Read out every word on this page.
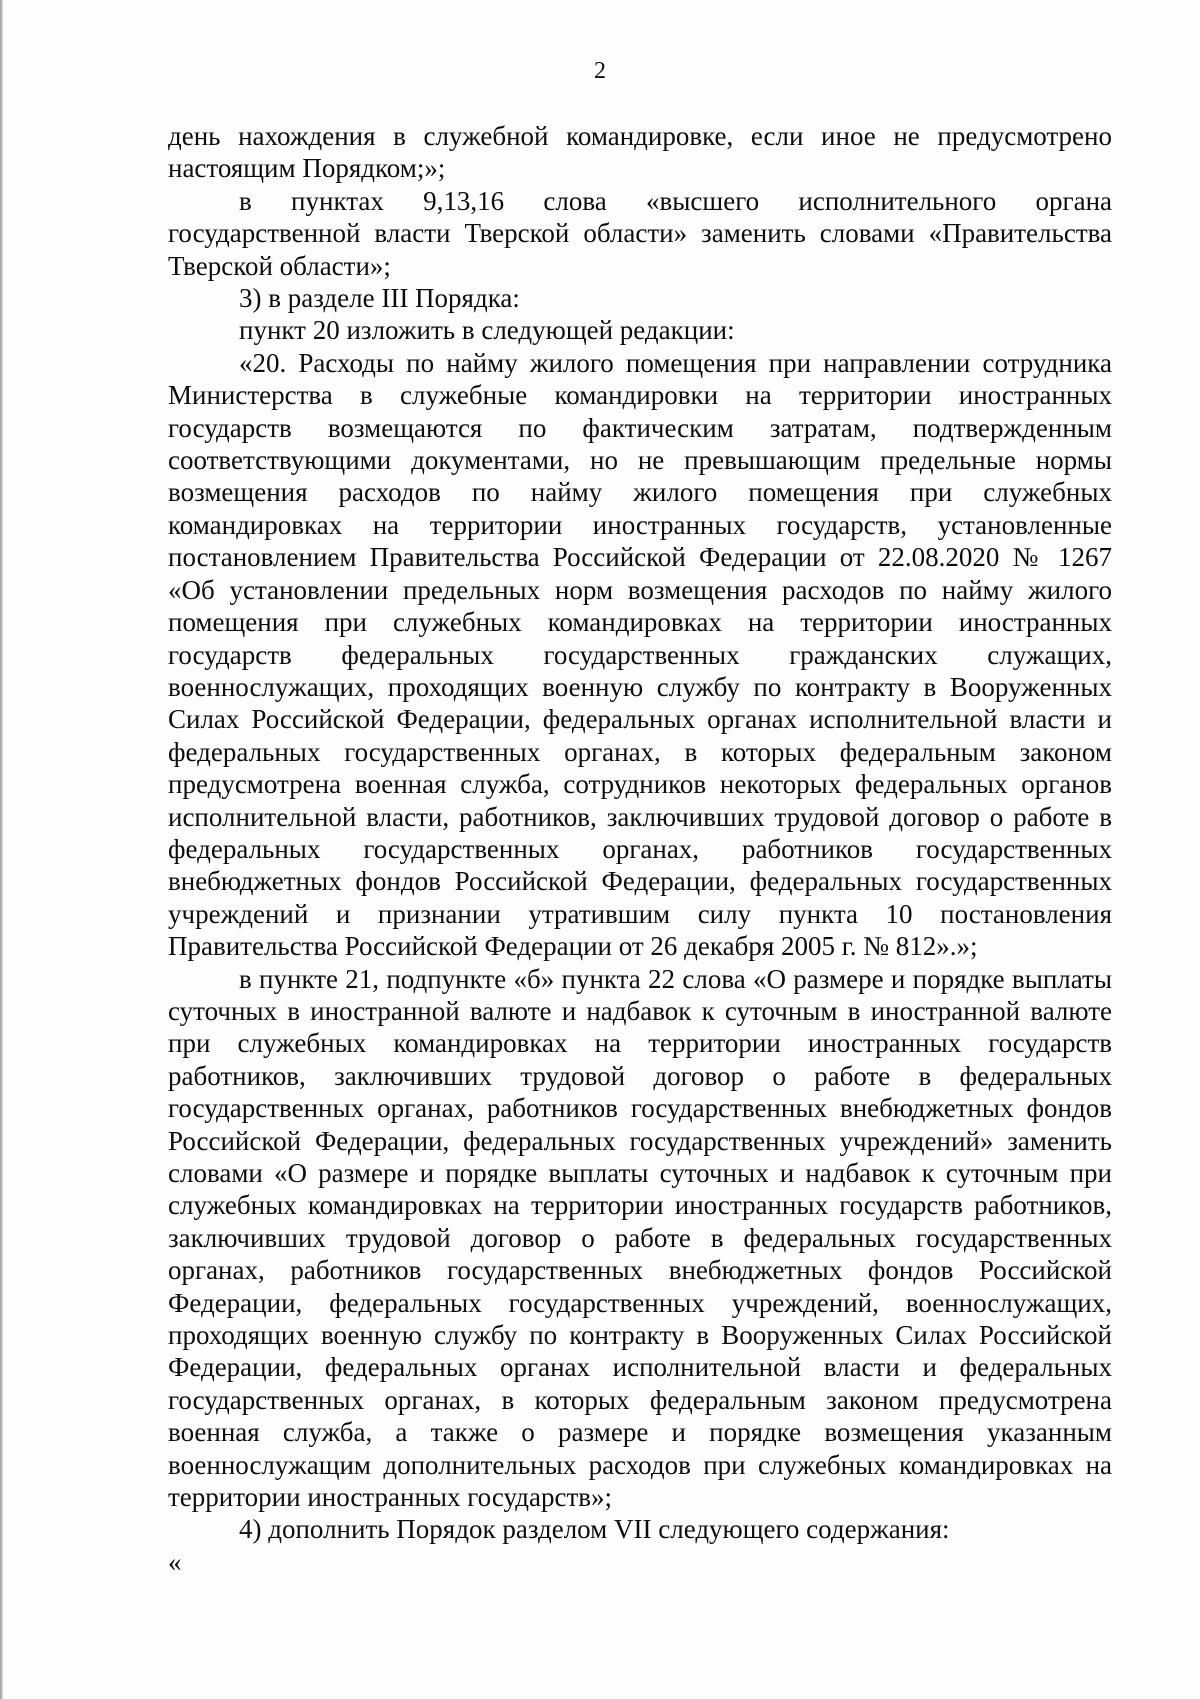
2

день нахождения в служебной командировке, если иное не предусмотрено настоящим Порядком;»;

в пунктах 9,13,16 слова «высшего исполнительного органа государственной власти Тверской области» заменить словами «Правительства Тверской области»;

3) в разделе III Порядка:

пункт 20 изложить в следующей редакции:

«20. Расходы по найму жилого помещения при направлении сотрудника Министерства в служебные командировки на территории иностранных государств возмещаются по фактическим затратам, подтвержденным соответствующими документами, но не превышающим предельные нормы возмещения расходов по найму жилого помещения при служебных командировках на территории иностранных государств, установленные постановлением Правительства Российской Федерации от 22.08.2020 № 1267 «Об установлении предельных норм возмещения расходов по найму жилого помещения при служебных командировках на территории иностранных государств федеральных государственных гражданских служащих, военнослужащих, проходящих военную службу по контракту в Вооруженных Силах Российской Федерации, федеральных органах исполнительной власти и федеральных государственных органах, в которых федеральным законом предусмотрена военная служба, сотрудников некоторых федеральных органов исполнительной власти, работников, заключивших трудовой договор о работе в федеральных государственных органах, работников государственных внебюджетных фондов Российской Федерации, федеральных государственных учреждений и признании утратившим силу пункта 10 постановления Правительства Российской Федерации от 26 декабря 2005 г. № 812».»;

в пункте 21, подпункте «б» пункта 22 слова «О размере и порядке выплаты суточных в иностранной валюте и надбавок к суточным в иностранной валюте при служебных командировках на территории иностранных государств работников, заключивших трудовой договор о работе в федеральных государственных органах, работников государственных внебюджетных фондов Российской Федерации, федеральных государственных учреждений» заменить словами «О размере и порядке выплаты суточных и надбавок к суточным при служебных командировках на территории иностранных государств работников, заключивших трудовой договор о работе в федеральных государственных органах, работников государственных внебюджетных фондов Российской Федерации, федеральных государственных учреждений, военнослужащих, проходящих военную службу по контракту в Вооруженных Силах Российской Федерации, федеральных органах исполнительной власти и федеральных государственных органах, в которых федеральным законом предусмотрена военная служба, а также о размере и порядке возмещения указанным военнослужащим дополнительных расходов при служебных командировках на территории иностранных государств»;

4) дополнить Порядок разделом VII следующего содержания:

«
